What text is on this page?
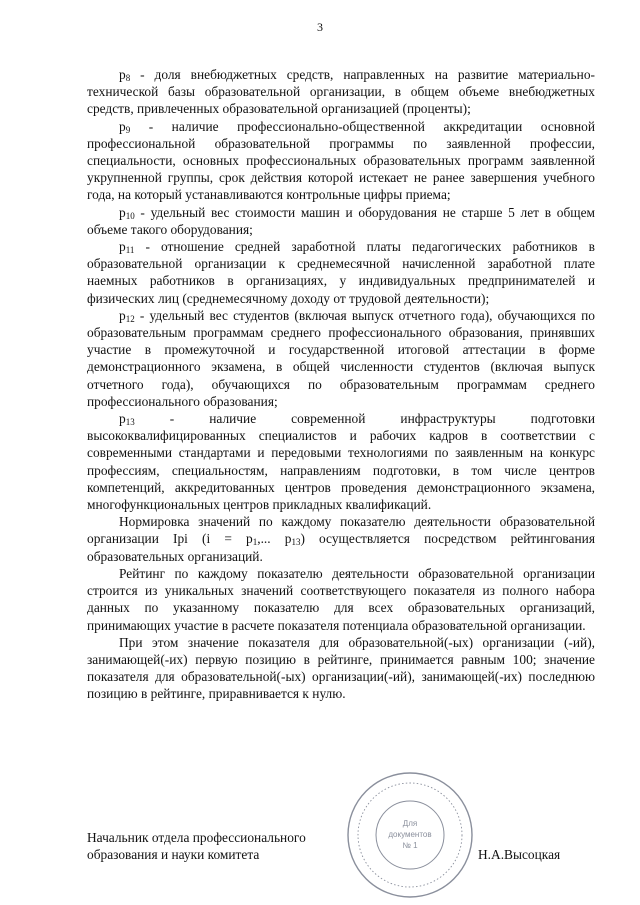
3

$p_8$ - доля внебюджетных средств, направленных на развитие материально-технической базы образовательной организации, в общем объеме внебюджетных средств, привлеченных образовательной организацией (проценты);

$p_9$ - наличие профессионально-общественной аккредитации основной профессиональной образовательной программы по заявленной профессии, специальности, основных профессиональных образовательных программ заявленной укрупненной группы, срок действия которой истекает не ранее завершения учебного года, на который устанавливаются контрольные цифры приема;

$p_{10}$ - удельный вес стоимости машин и оборудования не старше 5 лет в общем объеме такого оборудования;

$p_{11}$ - отношение средней заработной платы педагогических работников в образовательной организации к среднемесячной начисленной заработной плате наемных работников в организациях, у индивидуальных предпринимателей и физических лиц (среднемесячному доходу от трудовой деятельности);

$p_{12}$ - удельный вес студентов (включая выпуск отчетного года), обучающихся по образовательным программам среднего профессионального образования, принявших участие в промежуточной и государственной итоговой аттестации в форме демонстрационного экзамена, в общей численности студентов (включая выпуск отчетного года), обучающихся по образовательным программам среднего профессионального образования;

$p_{13}$ - наличие современной инфраструктуры подготовки высококвалифицированных специалистов и рабочих кадров в соответствии с современными стандартами и передовыми технологиями по заявленным на конкурс профессиям, специальностям, направлениям подготовки, в том числе центров компетенций, аккредитованных центров проведения демонстрационного экзамена, многофункциональных центров прикладных квалификаций.

Нормировка значений по каждому показателю деятельности образовательной организации Ipi ($i = p_1$,... $p_{13}$) осуществляется посредством рейтингования образовательных организаций.

Рейтинг по каждому показателю деятельности образовательной организации строится из уникальных значений соответствующего показателя из полного набора данных по указанному показателю для всех образовательных организаций, принимающих участие в расчете показателя потенциала образовательной организации.

При этом значение показателя для образовательной(-ых) организации (-ий), занимающей(-их) первую позицию в рейтинге, принимается равным 100; значение показателя для образовательной(-ых) организации(-ий), занимающей(-их) последнюю позицию в рейтинге, приравнивается к нулю.

Начальник отдела профессионального
образования и науки комитета	Н.А.Высоцкая
Для
документов
№ 1
